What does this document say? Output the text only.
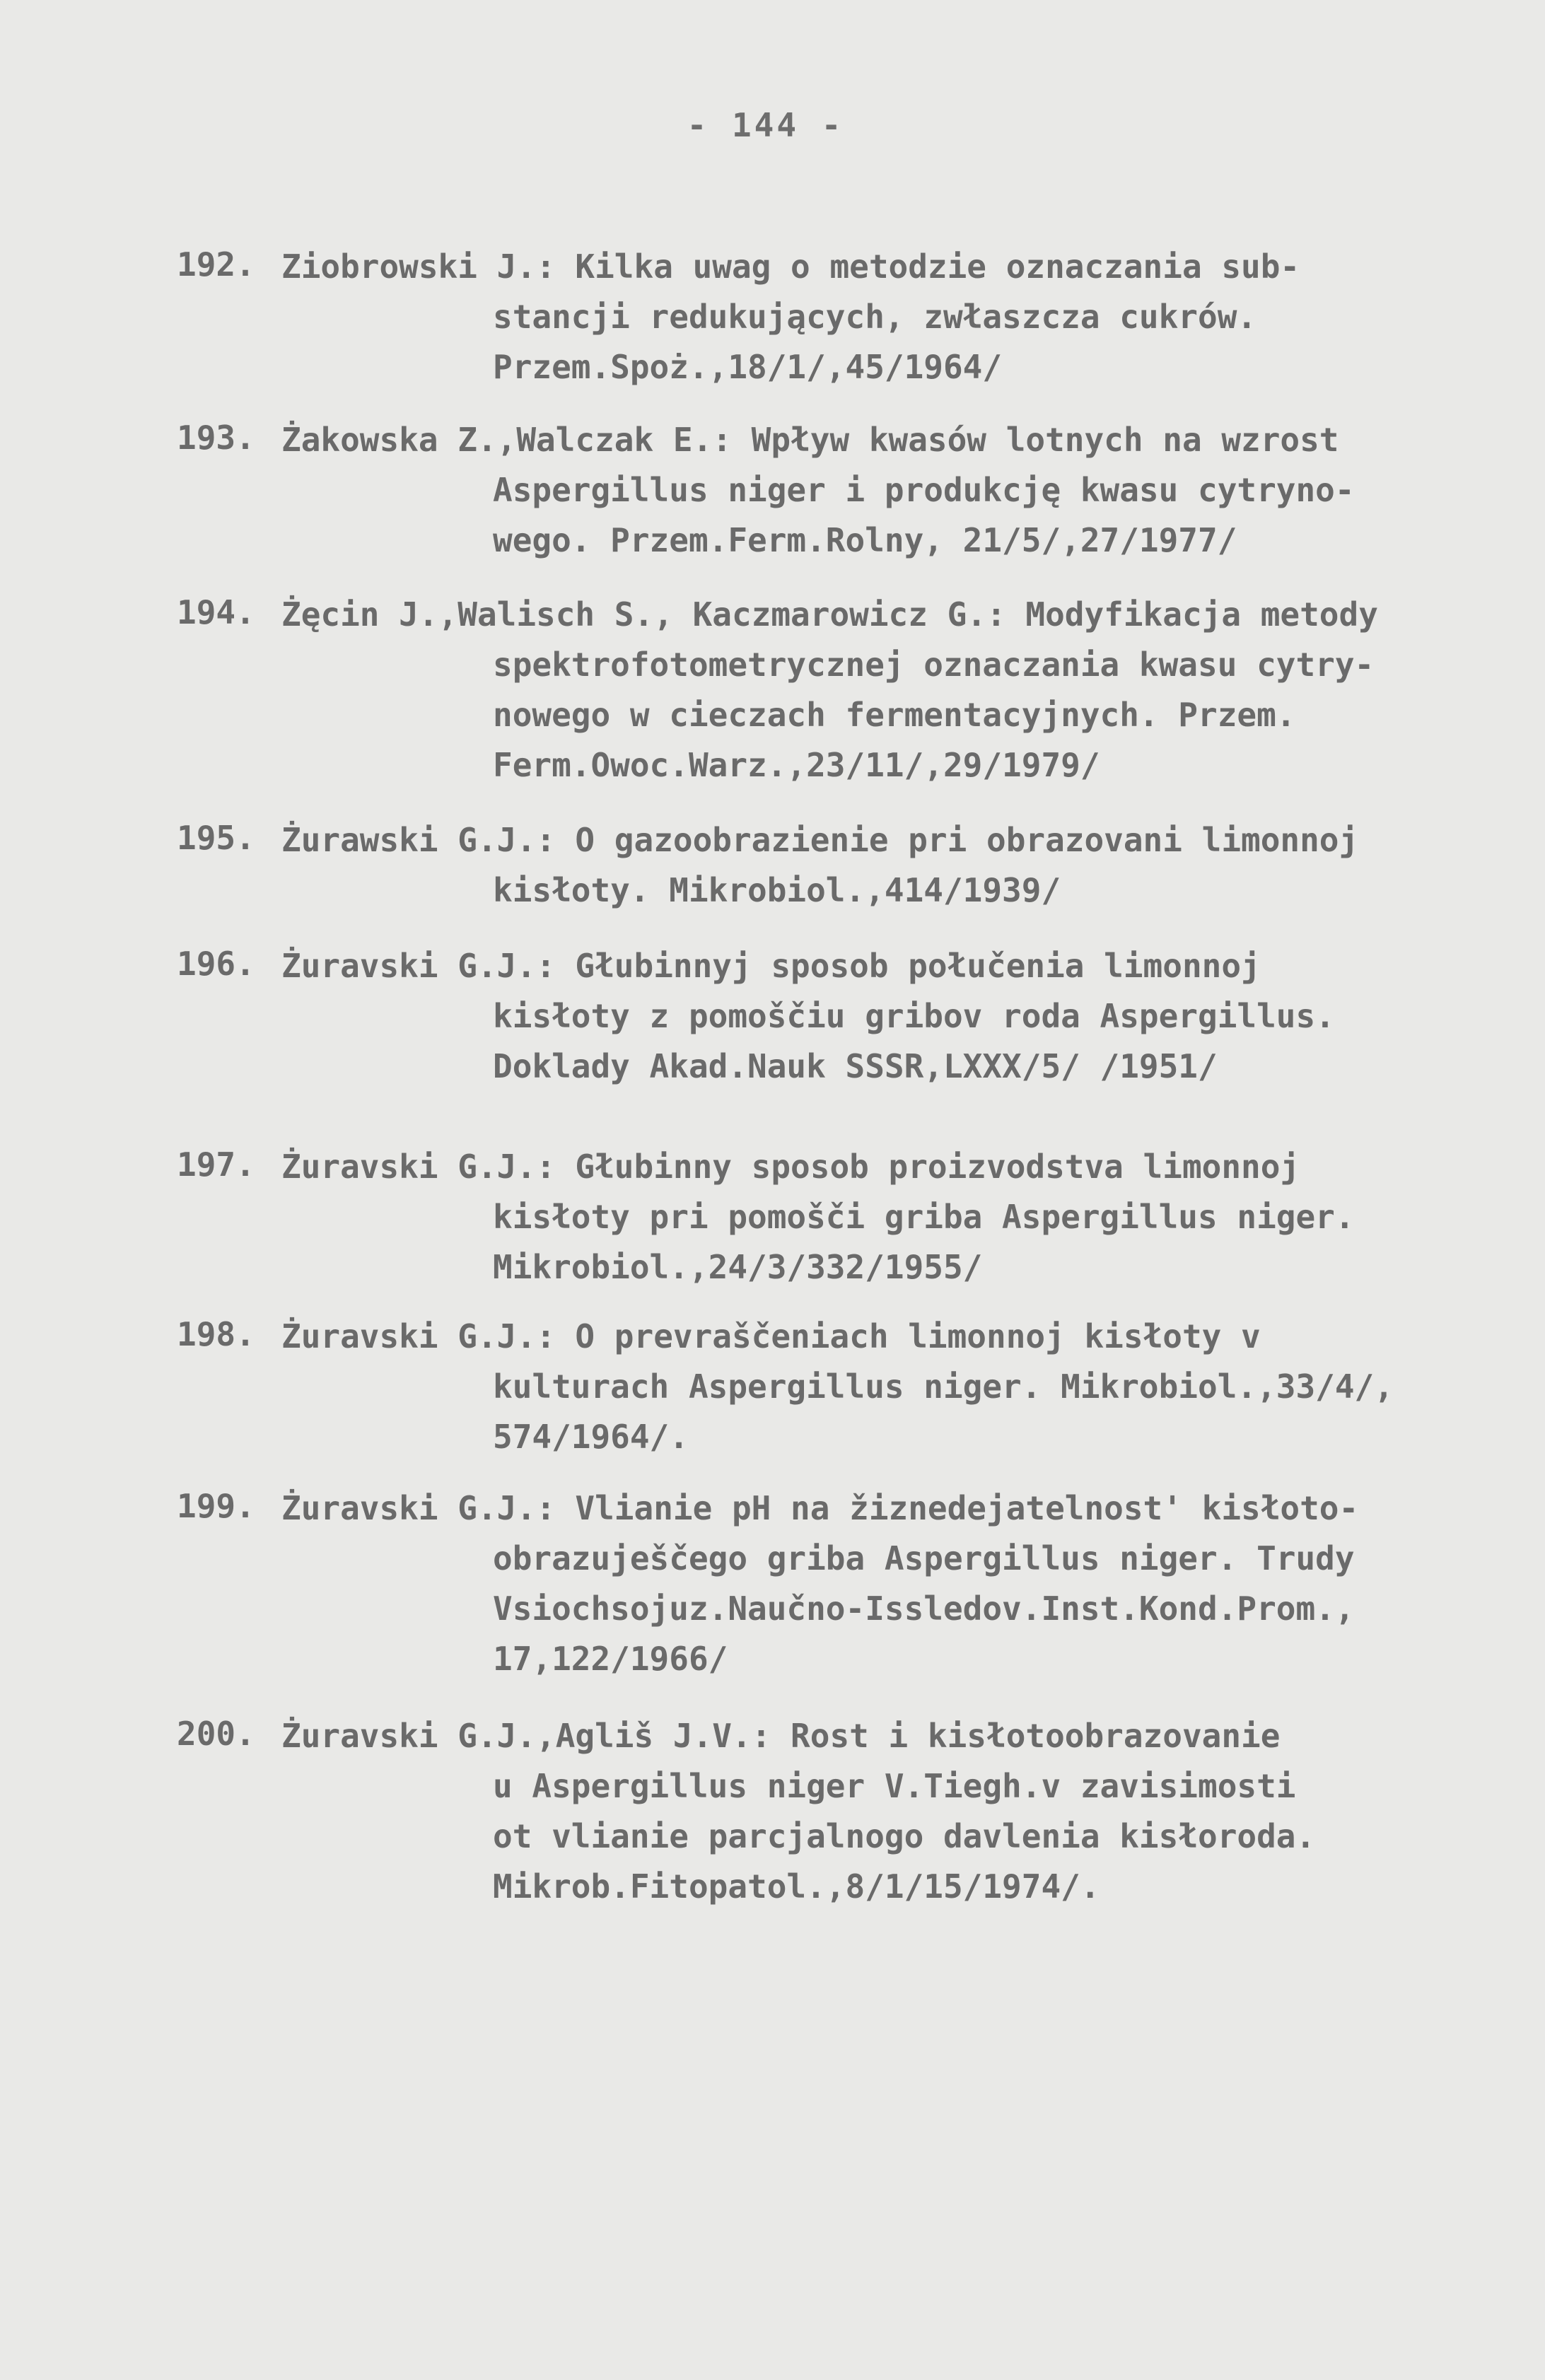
- 144 -
192. Ziobrowski J.: Kilka uwag o metodzie oznaczania sub-
stancji redukujących, zwłaszcza cukrów.
Przem.Spoż.,18/1/,45/1964/
193. Żakowska Z.,Walczak E.: Wpływ kwasów lotnych na wzrost
Aspergillus niger i produkcję kwasu cytryno-
wego. Przem.Ferm.Rolny, 21/5/,27/1977/
194. Żęcin J.,Walisch S., Kaczmarowicz G.: Modyfikacja metody
spektrofotometrycznej oznaczania kwasu cytry-
nowego w cieczach fermentacyjnych. Przem.
Ferm.Owoc.Warz.,23/11/,29/1979/
195. Żurawski G.J.: O gazoobrazienie pri obrazovani limonnoj
kisłoty. Mikrobiol.,414/1939/
196. Żuravski G.J.: Głubinnyj sposob połučenia limonnoj
kisłoty z pomoščiu gribov roda Aspergillus.
Doklady Akad.Nauk SSSR,LXXX/5/ /1951/
197. Żuravski G.J.: Głubinny sposob proizvodstva limonnoj
kisłoty pri pomošči griba Aspergillus niger.
Mikrobiol.,24/3/332/1955/
198. Żuravski G.J.: O prevraščeniach limonnoj kisłoty v
kulturach Aspergillus niger. Mikrobiol.,33/4/,
574/1964/.
199. Żuravski G.J.: Vlianie pH na žiznedejatelnost' kisłoto-
obrazuješčego griba Aspergillus niger. Trudy
Vsiochsojuz.Naučno-Issledov.Inst.Kond.Prom.,
17,122/1966/
200. Żuravski G.J.,Agliš J.V.: Rost i kisłotoobrazovanie
u Aspergillus niger V.Tiegh.v zavisimosti
ot vlianie parcjalnogo davlenia kisłoroda.
Mikrob.Fitopatol.,8/1/15/1974/.
